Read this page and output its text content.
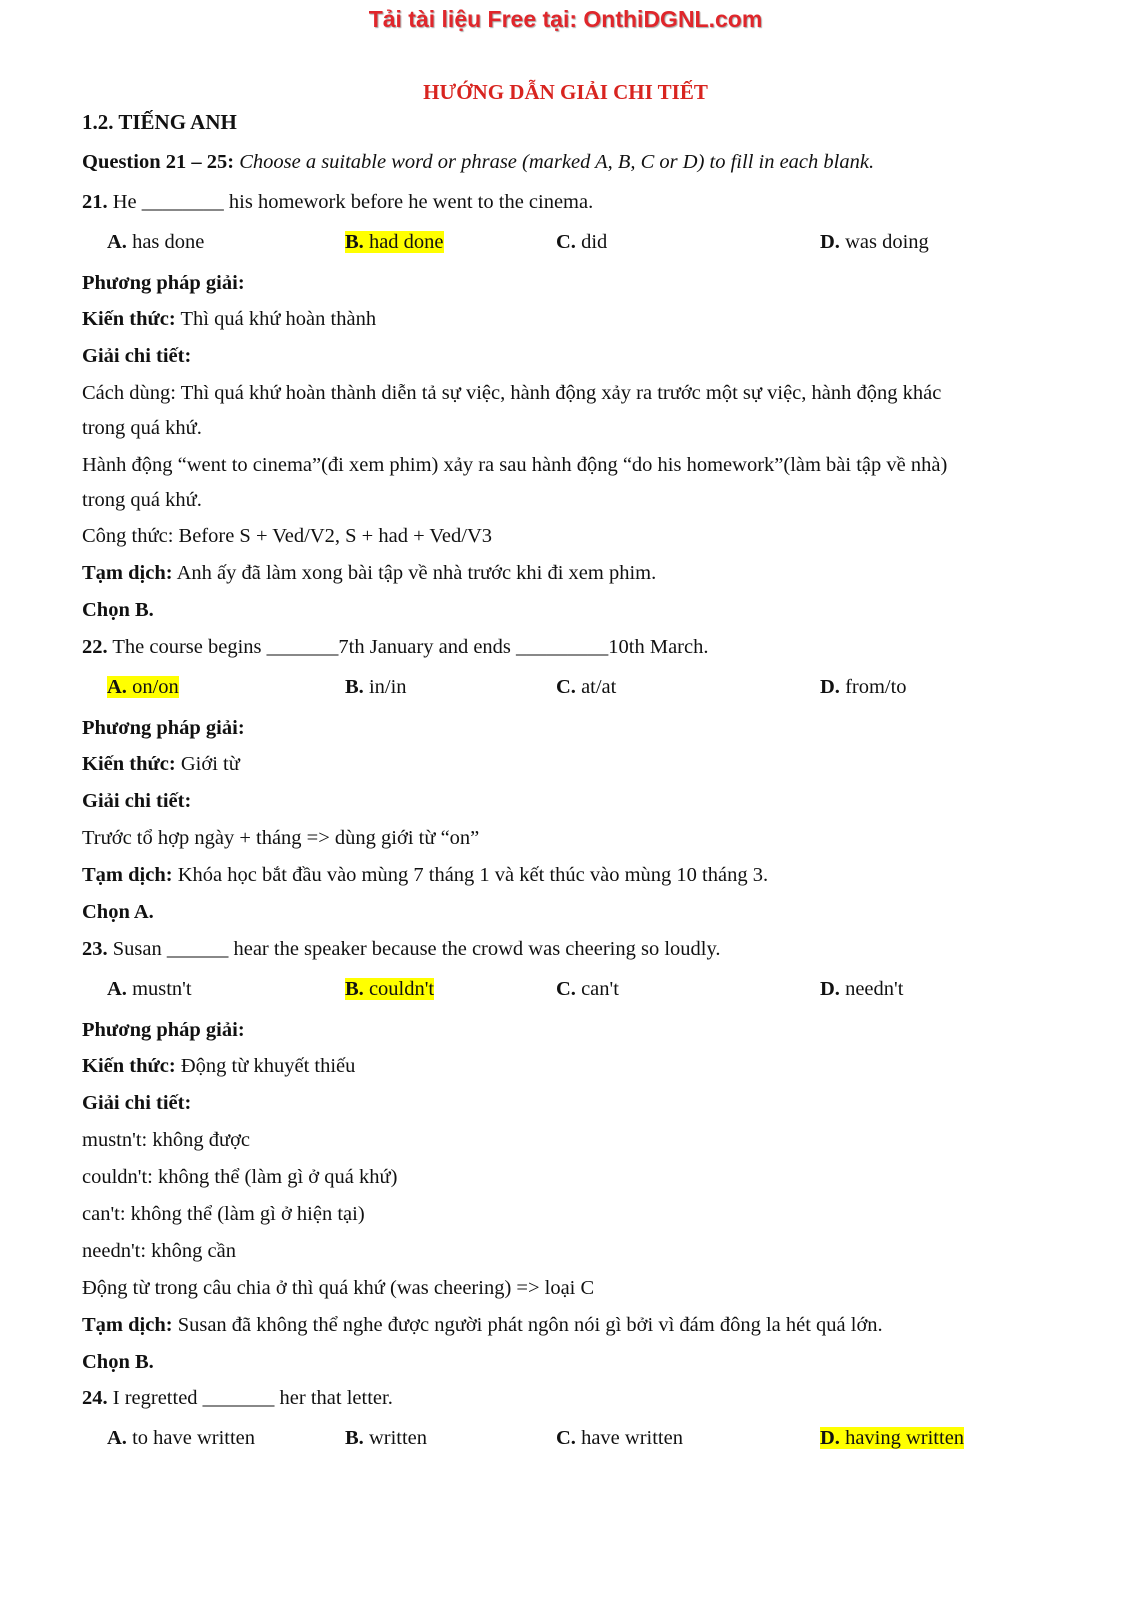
Tải tài liệu Free tại: OnthiDGNL.com
HƯỚNG DẪN GIẢI CHI TIẾT
1.2. TIẾNG ANH
Question 21 – 25: Choose a suitable word or phrase (marked A, B, C or D) to fill in each blank.
21. He ________ his homework before he went to the cinema.
A. has done	B. had done	C. did	D. was doing
Phương pháp giải:
Kiến thức: Thì quá khứ hoàn thành
Giải chi tiết:
Cách dùng: Thì quá khứ hoàn thành diễn tả sự việc, hành động xảy ra trước một sự việc, hành động khác
trong quá khứ.
Hành động “went to cinema”(đi xem phim) xảy ra sau hành động “do his homework”(làm bài tập về nhà)
trong quá khứ.
Công thức: Before S + Ved/V2, S + had + Ved/V3
Tạm dịch: Anh ấy đã làm xong bài tập về nhà trước khi đi xem phim.
Chọn B.
22. The course begins _______7th January and ends _________10th March.
A. on/on	B. in/in	C. at/at	D. from/to
Phương pháp giải:
Kiến thức: Giới từ
Giải chi tiết:
Trước tổ hợp ngày + tháng => dùng giới từ “on”
Tạm dịch: Khóa học bắt đầu vào mùng 7 tháng 1 và kết thúc vào mùng 10 tháng 3.
Chọn A.
23. Susan ______ hear the speaker because the crowd was cheering so loudly.
A. mustn't	B. couldn't	C. can't	D. needn't
Phương pháp giải:
Kiến thức: Động từ khuyết thiếu
Giải chi tiết:
mustn't: không được
couldn't: không thể (làm gì ở quá khứ)
can't: không thể (làm gì ở hiện tại)
needn't: không cần
Động từ trong câu chia ở thì quá khứ (was cheering) => loại C
Tạm dịch: Susan đã không thể nghe được người phát ngôn nói gì bởi vì đám đông la hét quá lớn.
Chọn B.
24. I regretted _______ her that letter.
A. to have written	B. written	C. have written	D. having written
